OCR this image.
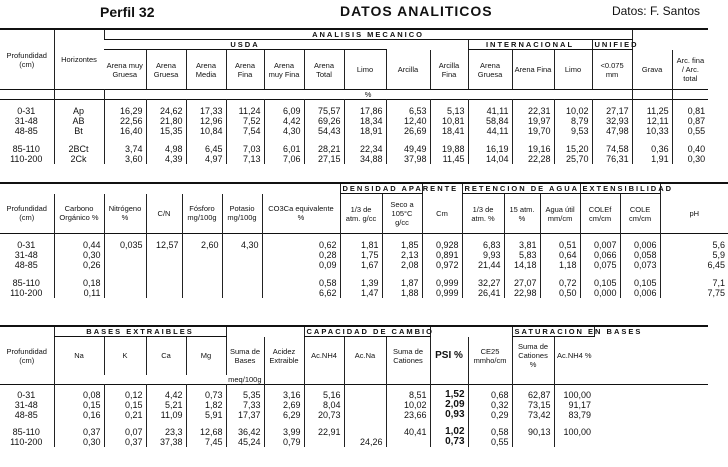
Perfil 32	DATOS ANALITICOS	Datos: F. Santos
Profundidad (cm)	Horizontes	ANALISIS MECANICO														
		USDA									INTERNACIONAL			UNIFIED		
		Arena muy Gruesa	Arena Gruesa	Arena Media	Arena Fina	Arena muy Fina	Arena Total	Limo	Arcilla	Arcilla Fina	Arena Gruesa	Arena Fina	Limo	<0.075 mm	Grava	Arc. fina / Arc. total

		%														
0-31	Ap	16,29	24,62	17,33	11,24	6,09	75,57	17,86	6,53	5,13	41,11	22,31	10,02	27,17	11,25	0,81
31-48	AB	22,56	21,80	12,96	7,52	4,42	69,26	18,34	12,40	10,81	58,84	19,97	8,79	32,93	12,11	0,87
48-85	Bt	16,40	15,35	10,84	7,54	4,30	54,43	18,91	26,69	18,41	44,11	19,70	9,53	47,98	10,33	0,55
85-110	2BCt	3,74	4,98	6,45	7,03	6,01	28,21	22,34	49,49	19,88	16,19	19,16	15,20	74,58	0,36	0,40
110-200	2Ck	3,60	4,39	4,97	7,13	7,06	27,15	34,88	37,98	11,45	14,04	22,28	25,70	76,31	1,91	0,30
							DENSIDAD APARENTE			RETENCION DE AGUA			EXTENSIBILIDAD		
Profundidad (cm)	Carbono Orgánico %	Nitrógeno %	C/N	Fósforo mg/100g	Potasio mg/100g	CO3Ca equivalente %	1/3 de atm. g/cc	Seco a 105°C g/cc	Cm	1/3 de atm. %	15 atm. %	Agua útil mm/cm	COLEf cm/cm	COLE cm/cm	pH
0-31	0,44	0,035	12,57	2,60	4,30	0,62	1,81	1,85	0,928	6,83	3,81	0,51	0,007	0,006	5,6
31-48	0,30					0,28	1,75	2,13	0,891	9,93	5,83	0,64	0,066	0,058	5,9
48-85	0,26					0,09	1,67	2,08	0,972	21,44	14,18	1,18	0,075	0,073	6,45
85-110	0,18					0,58	1,39	1,87	0,999	32,27	27,07	0,72	0,105	0,105	7,1
110-200	0,11					6,62	1,47	1,88	0,999	26,41	22,98	0,50	0,000	0,006	7,75
	BASES EXTRAIBLES						CAPACIDAD DE CAMBIO					SATURACION EN BASES		
Profundidad (cm)	Na	K	Ca	Mg	Suma de Bases	Acidez Extraible	Ac.NH4	Ac.Na	Suma de Cationes	PSI %	CE25 mmho/cm	Suma de Cationes %	Ac.NH4 %	
	meq/100g													
0-31	0,08	0,12	4,42	0,73	5,35	3,16	5,16		8,51	1,52	0,68	62,87	100,00	
31-48	0,15	0,15	5,21	1,82	7,33	2,69	8,04		10,02	2,09	0,32	73,15	91,17	
48-85	0,16	0,21	11,09	5,91	17,37	6,29	20,73		23,66	0,93	0,29	73,42	83,79	
85-110	0,37	0,07	23,3	12,68	36,42	3,99	22,91		40,41	1,02	0,58	90,13	100,00	
110-200	0,30	0,37	37,38	7,45	45,24	0,79		24,26		0,73	0,55			
